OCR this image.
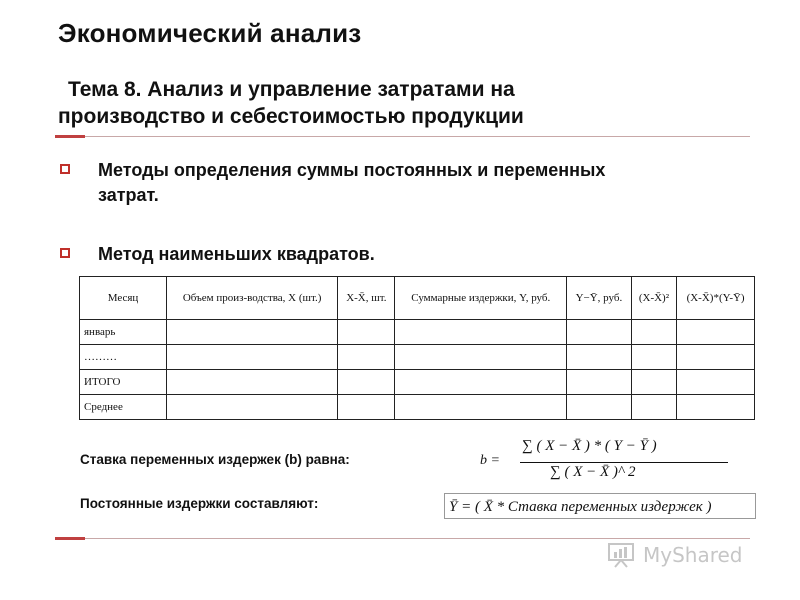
Экономический анализ
Тема 8. Анализ и управление затратами на
производство и себестоимостью продукции
Методы определения суммы постоянных и переменных
затрат.
Метод наименьших квадратов.
Месяц	Объем произ-водства, X (шт.)	X-X̄, шт.	Суммарные издержки, Y, руб.	Y−Ȳ, руб.	(X-X̄)²	(X-X̄)*(Y-Ȳ)
январь						
………						
ИТОГО						
Среднее						
Ставка переменных издержек (b) равна:	b =
∑ ( X − X̄ ) * ( Y − Ȳ )
∑ ( X − X̄ )^ 2
Постоянные издержки составляют:	Ȳ = ( X̄ * Ставка переменных издержек )
MyShared
